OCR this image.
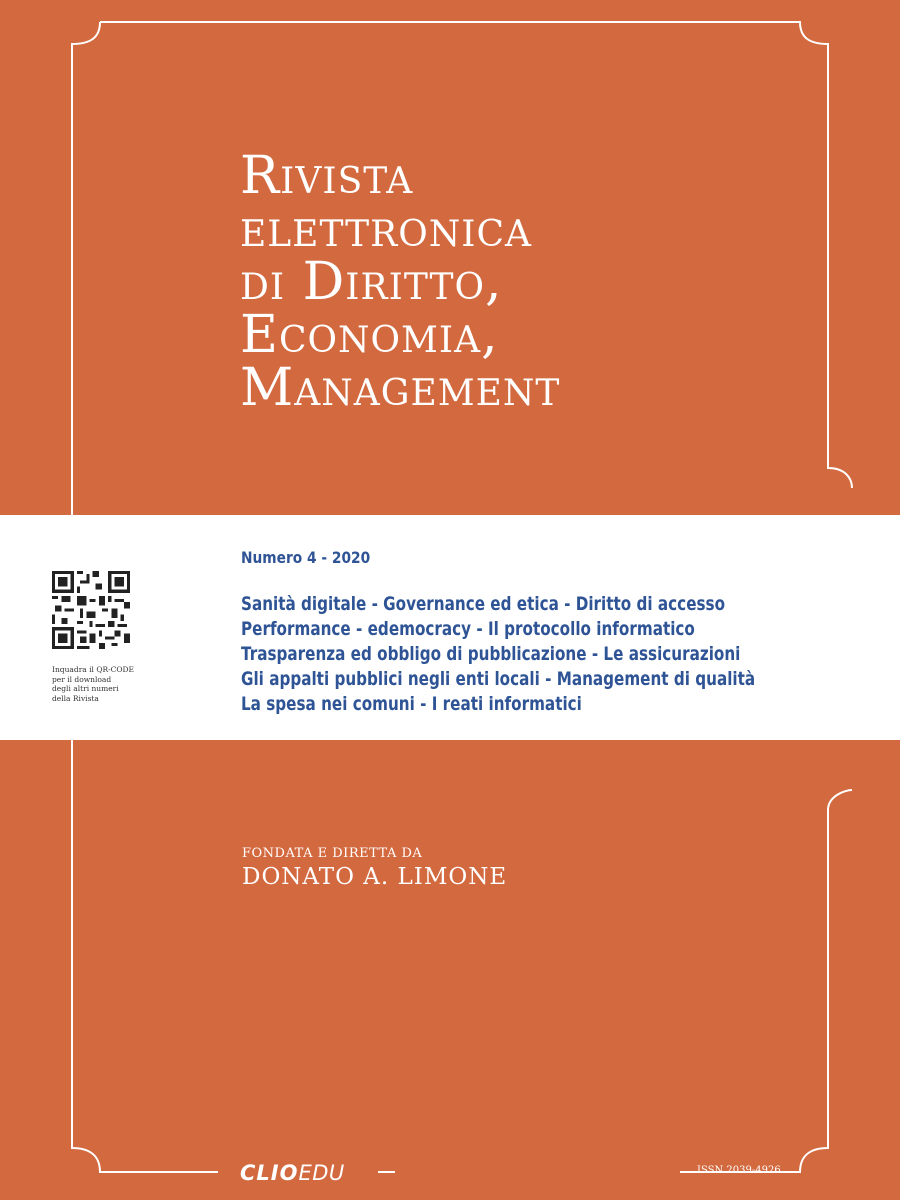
Rivista
elettronica
di Diritto,
Economia,
Management
Inquadra il QR-CODE
per il download
degli altri numeri
della Rivista
Numero 4 - 2020
Sanità digitale - Governance ed etica - Diritto di accesso
Performance - edemocracy - Il protocollo informatico
Trasparenza ed obbligo di pubblicazione - Le assicurazioni
Gli appalti pubblici negli enti locali - Management di qualità
La spesa nei comuni - I reati informatici
FONDATA E DIRETTA DA
DONATO A. LIMONE
CLIOEDU	ISSN 2039-4926
